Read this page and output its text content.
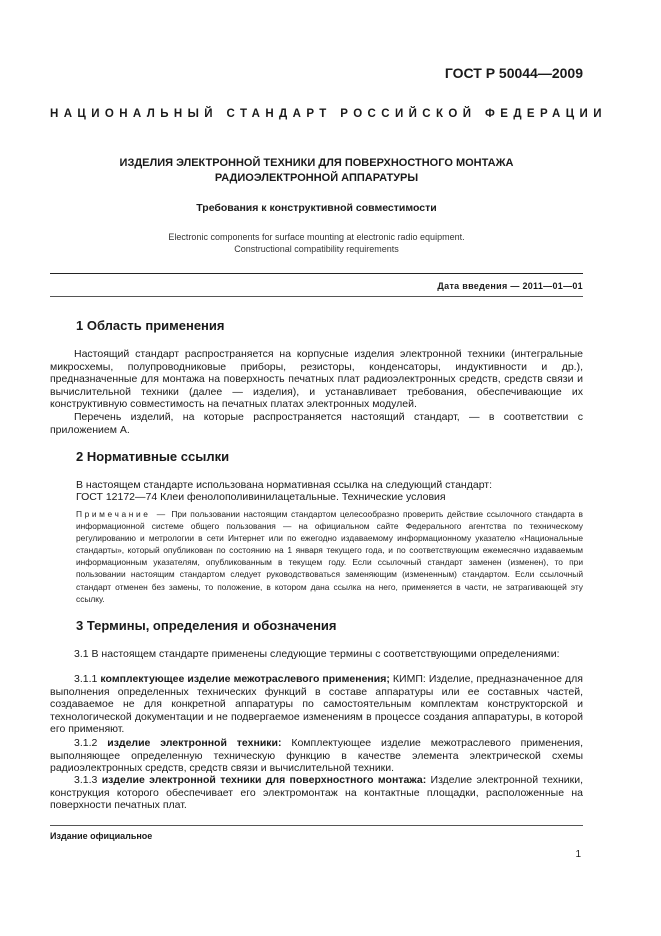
ГОСТ Р 50044—2009
НАЦИОНАЛЬНЫЙ СТАНДАРТ РОССИЙСКОЙ ФЕДЕРАЦИИ
ИЗДЕЛИЯ ЭЛЕКТРОННОЙ ТЕХНИКИ ДЛЯ ПОВЕРХНОСТНОГО МОНТАЖА
РАДИОЭЛЕКТРОННОЙ АППАРАТУРЫ
Требования к конструктивной совместимости
Electronic components for surface mounting at electronic radio equipment.
Constructional compatibility requirements
Дата введения — 2011—01—01
1 Область применения
Настоящий стандарт распространяется на корпусные изделия электронной техники (интегральные микросхемы, полупроводниковые приборы, резисторы, конденсаторы, индуктивности и др.), предназначенные для монтажа на поверхность печатных плат радиоэлектронных средств, средств связи и вычислительной техники (далее — изделия), и устанавливает требования, обеспечивающие их конструктивную совместимость на печатных платах электронных модулей.
Перечень изделий, на которые распространяется настоящий стандарт, — в соответствии с приложением А.
2 Нормативные ссылки
В настоящем стандарте использована нормативная ссылка на следующий стандарт:
ГОСТ 12172—74 Клеи фенолополивинилацетальные. Технические условия
Примечание — При пользовании настоящим стандартом целесообразно проверить действие ссылочного стандарта в информационной системе общего пользования — на официальном сайте Федерального агентства по техническому регулированию и метрологии в сети Интернет или по ежегодно издаваемому информационному указателю «Национальные стандарты», который опубликован по состоянию на 1 января текущего года, и по соответствующим ежемесячно издаваемым информационным указателям, опубликованным в текущем году. Если ссылочный стандарт заменен (изменен), то при пользовании настоящим стандартом следует руководствоваться заменяющим (измененным) стандартом. Если ссылочный стандарт отменен без замены, то положение, в котором дана ссылка на него, применяется в части, не затрагивающей эту ссылку.
3 Термины, определения и обозначения
3.1 В настоящем стандарте применены следующие термины с соответствующими определениями:
3.1.1 комплектующее изделие межотраслевого применения; КИМП: Изделие, предназначенное для выполнения определенных технических функций в составе аппаратуры или ее составных частей, создаваемое не для конкретной аппаратуры по самостоятельным комплектам конструкторской и технологической документации и не подвергаемое изменениям в процессе создания аппаратуры, в которой его применяют.
3.1.2 изделие электронной техники: Комплектующее изделие межотраслевого применения, выполняющее определенную техническую функцию в качестве элемента электрической схемы радиоэлектронных средств, средств связи и вычислительной техники.
3.1.3 изделие электронной техники для поверхностного монтажа: Изделие электронной техники, конструкция которого обеспечивает его электромонтаж на контактные площадки, расположенные на поверхности печатных плат.
Издание официальное
1
